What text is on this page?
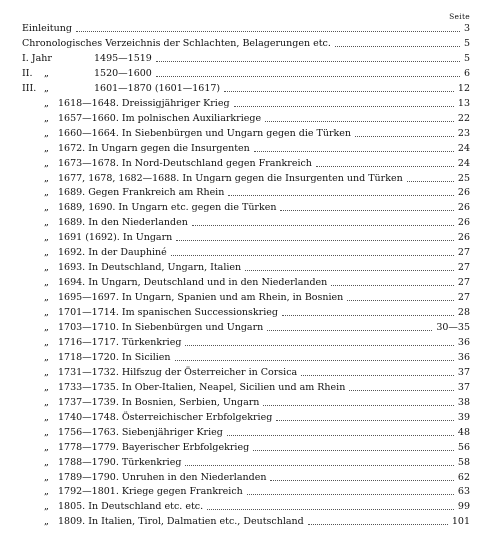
Seite
Einleitung	3
Chronologisches Verzeichnis der Schlachten, Belagerungen etc.	5
I. Jahr	1495—1519	5
II. „	1520—1600	6
III. „	1601—1870 (1601—1617)	12
„ 1618—1648. Dreissigjähriger Krieg	13
„ 1657—1660. Im polnischen Auxiliarkriege	22
„ 1660—1664. In Siebenbürgen und Ungarn gegen die Türken	23
„ 1672. In Ungarn gegen die Insurgenten	24
„ 1673—1678. In Nord-Deutschland gegen Frankreich	24
„ 1677, 1678, 1682—1688. In Ungarn gegen die Insurgenten und Türken	25
„ 1689. Gegen Frankreich am Rhein	26
„ 1689, 1690. In Ungarn etc. gegen die Türken	26
„ 1689. In den Niederlanden	26
„ 1691 (1692). In Ungarn	26
„ 1692. In der Dauphiné	27
„ 1693. In Deutschland, Ungarn, Italien	27
„ 1694. In Ungarn, Deutschland und in den Niederlanden	27
„ 1695—1697. In Ungarn, Spanien und am Rhein, in Bosnien	27
„ 1701—1714. Im spanischen Successionskrieg	28
„ 1703—1710. In Siebenbürgen und Ungarn	30—35
„ 1716—1717. Türkenkrieg	36
„ 1718—1720. In Sicilien	36
„ 1731—1732. Hilfszug der Österreicher in Corsica	37
„ 1733—1735. In Ober-Italien, Neapel, Sicilien und am Rhein	37
„ 1737—1739. In Bosnien, Serbien, Ungarn	38
„ 1740—1748. Österreichischer Erbfolgekrieg	39
„ 1756—1763. Siebenjähriger Krieg	48
„ 1778—1779. Bayerischer Erbfolgekrieg	56
„ 1788—1790. Türkenkrieg	58
„ 1789—1790. Unruhen in den Niederlanden	62
„ 1792—1801. Kriege gegen Frankreich	63
„ 1805. In Deutschland etc. etc.	99
„ 1809. In Italien, Tirol, Dalmatien etc., Deutschland	101
